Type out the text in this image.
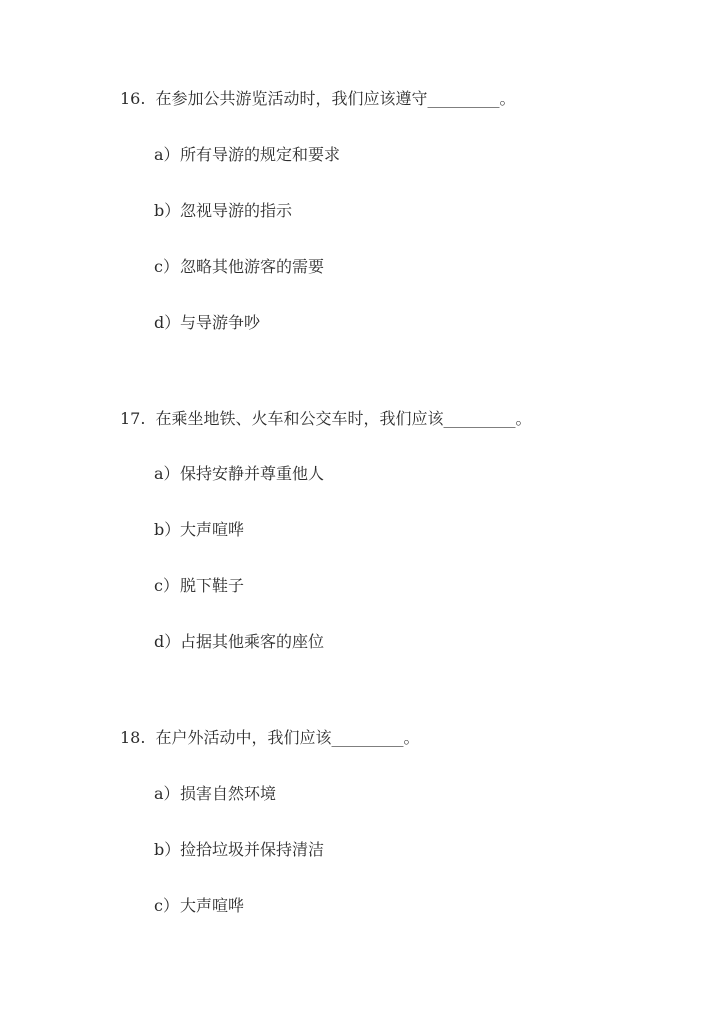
16. 在参加公共游览活动时，我们应该遵守_________。
a）所有导游的规定和要求
b）忽视导游的指示
c）忽略其他游客的需要
d）与导游争吵
17. 在乘坐地铁、火车和公交车时，我们应该_________。
a）保持安静并尊重他人
b）大声喧哗
c）脱下鞋子
d）占据其他乘客的座位
18. 在户外活动中，我们应该_________。
a）损害自然环境
b）捡拾垃圾并保持清洁
c）大声喧哗
